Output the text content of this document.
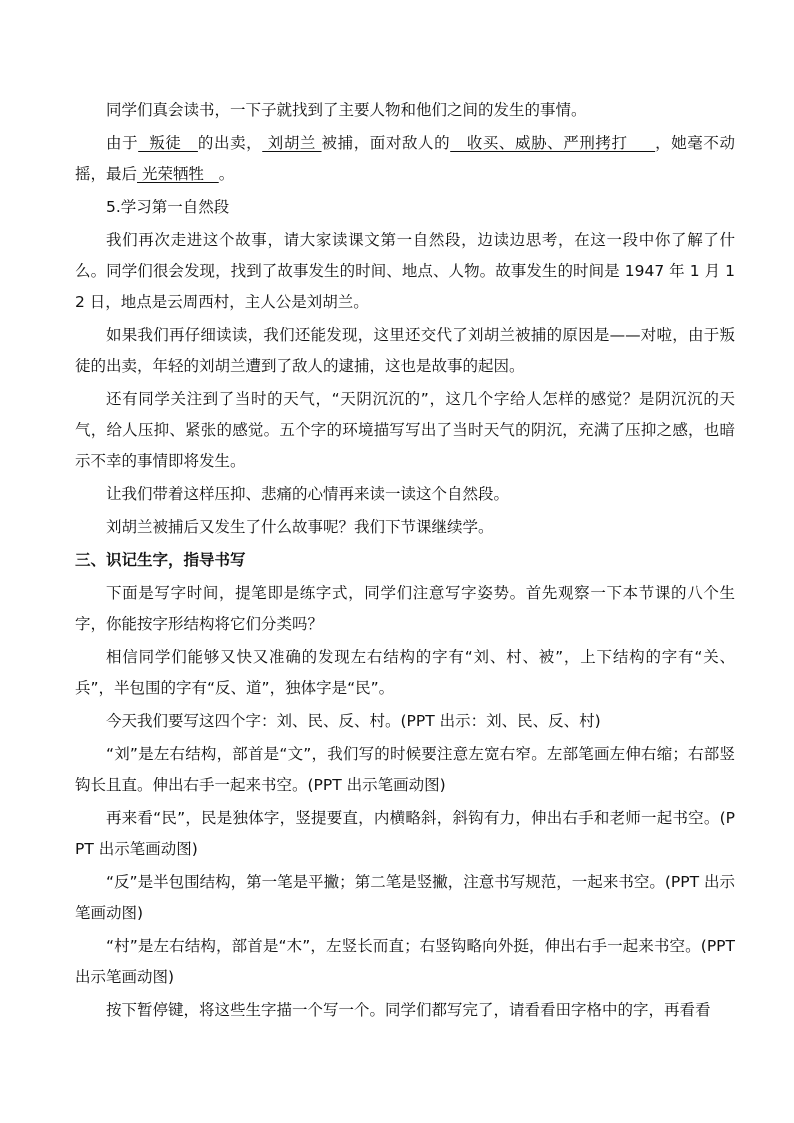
同学们真会读书，一下子就找到了主要人物和他们之间的发生的事情。

由于  叛徒   的出卖， 刘胡兰 被捕，面对敌人的   收买、威胁、严刑拷打     ，她毫不动摇，最后 光荣牺牲   。

5.学习第一自然段

我们再次走进这个故事，请大家读课文第一自然段，边读边思考，在这一段中你了解了什么。同学们很会发现，找到了故事发生的时间、地点、人物。故事发生的时间是 1947 年 1 月 12 日，地点是云周西村，主人公是刘胡兰。

如果我们再仔细读读，我们还能发现，这里还交代了刘胡兰被捕的原因是——对啦，由于叛徒的出卖，年轻的刘胡兰遭到了敌人的逮捕，这也是故事的起因。

还有同学关注到了当时的天气，“天阴沉沉的”，这几个字给人怎样的感觉？是阴沉沉的天气，给人压抑、紧张的感觉。五个字的环境描写写出了当时天气的阴沉，充满了压抑之感，也暗示不幸的事情即将发生。

让我们带着这样压抑、悲痛的心情再来读一读这个自然段。

刘胡兰被捕后又发生了什么故事呢？我们下节课继续学。

三、识记生字，指导书写

下面是写字时间，提笔即是练字式，同学们注意写字姿势。首先观察一下本节课的八个生字，你能按字形结构将它们分类吗？

相信同学们能够又快又准确的发现左右结构的字有“刘、村、被”，上下结构的字有“关、兵”，半包围的字有“反、道”，独体字是“民”。

今天我们要写这四个字：刘、民、反、村。(PPT 出示：刘、民、反、村)

“刘”是左右结构，部首是“文”，我们写的时候要注意左宽右窄。左部笔画左伸右缩；右部竖钩长且直。伸出右手一起来书空。(PPT 出示笔画动图)

再来看“民”，民是独体字，竖提要直，内横略斜，斜钩有力，伸出右手和老师一起书空。(PPT 出示笔画动图)

“反”是半包围结构，第一笔是平撇；第二笔是竖撇，注意书写规范，一起来书空。(PPT 出示笔画动图)

“村”是左右结构，部首是“木”，左竖长而直；右竖钩略向外挺，伸出右手一起来书空。(PPT 出示笔画动图)

按下暂停键，将这些生字描一个写一个。同学们都写完了，请看看田字格中的字，再看看
